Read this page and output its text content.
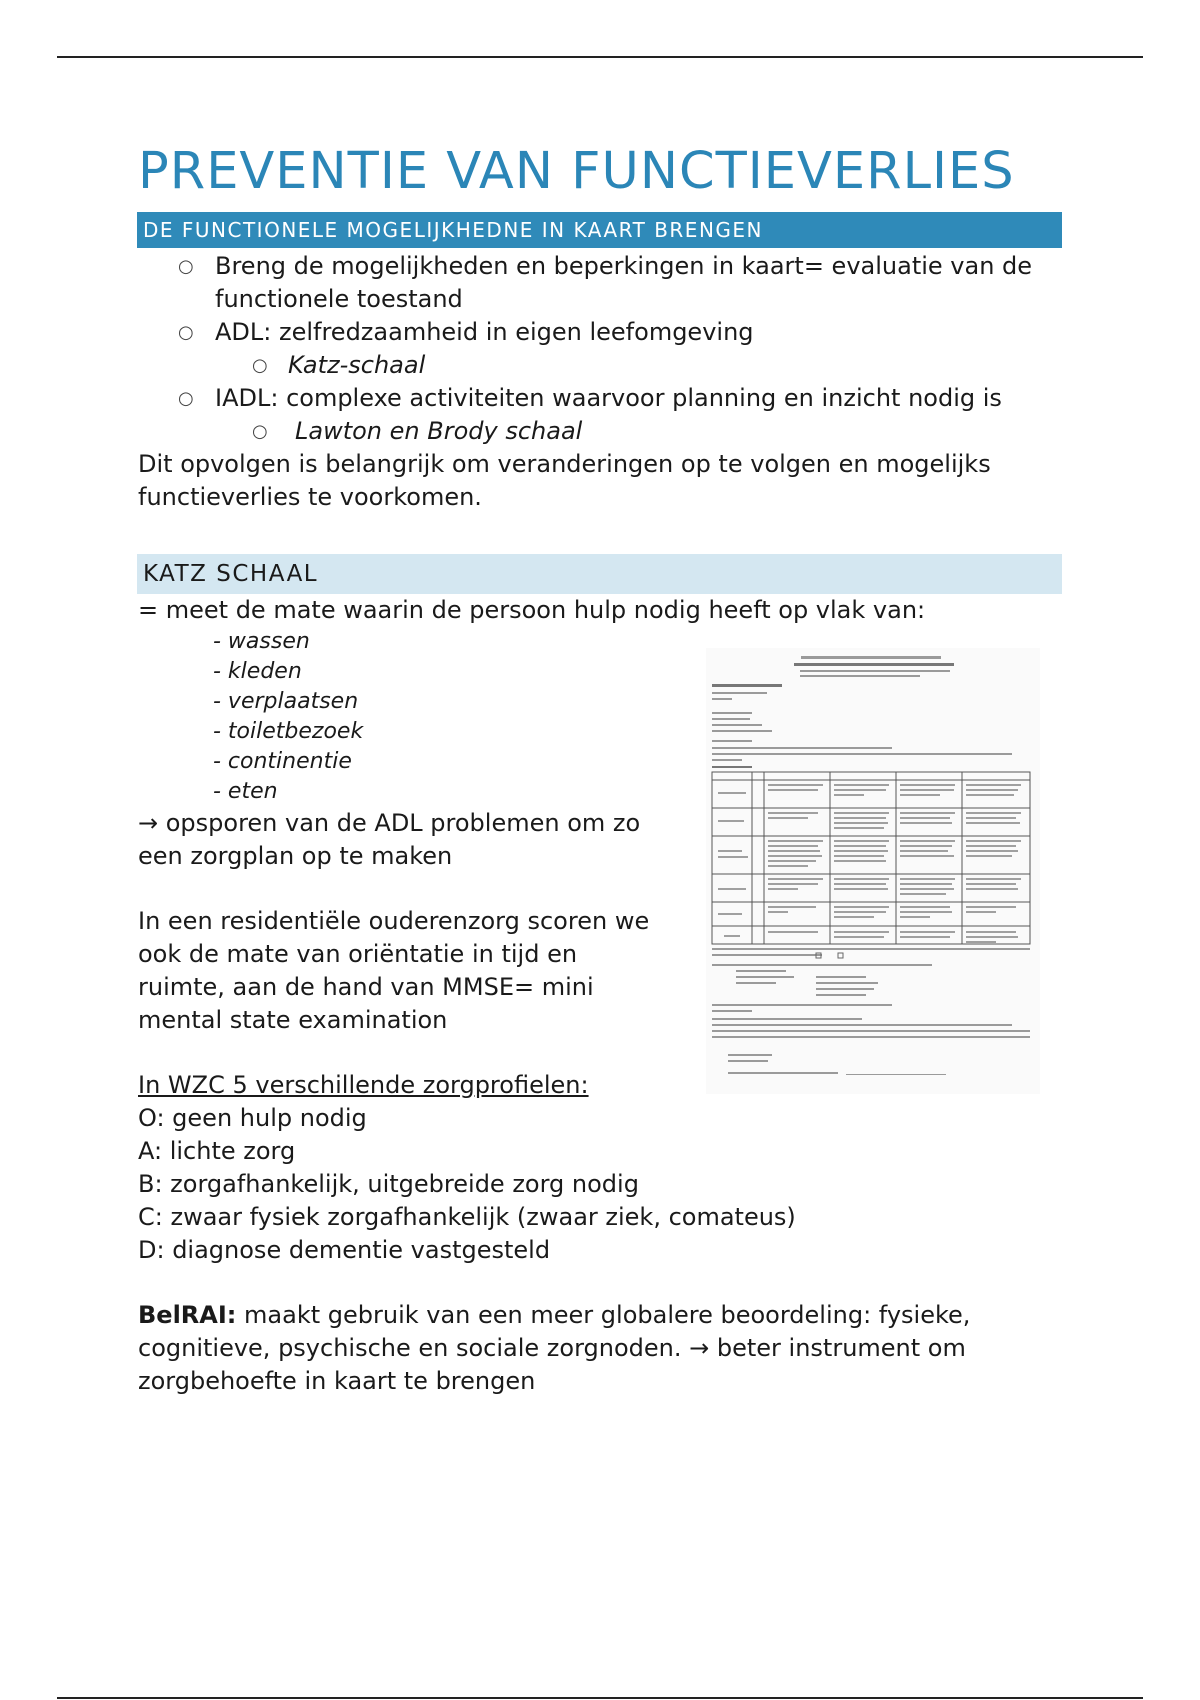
PREVENTIE VAN FUNCTIEVERLIES
DE FUNCTIONELE MOGELIJKHEDNE IN KAART BRENGEN
○ Breng de mogelijkheden en beperkingen in kaart= evaluatie van de
functionele toestand
○ ADL: zelfredzaamheid in eigen leefomgeving
○ Katz-schaal
○ IADL: complexe activiteiten waarvoor planning en inzicht nodig is
○ Lawton en Brody schaal
Dit opvolgen is belangrijk om veranderingen op te volgen en mogelijks
functieverlies te voorkomen.
KATZ SCHAAL
= meet de mate waarin de persoon hulp nodig heeft op vlak van:
- wassen
- kleden
- verplaatsen
- toiletbezoek
- continentie
- eten
→ opsporen van de ADL problemen om zo
een zorgplan op te maken
In een residentiële ouderenzorg scoren we
ook de mate van oriëntatie in tijd en
ruimte, aan de hand van MMSE= mini
mental state examination
In WZC 5 verschillende zorgprofielen:
O: geen hulp nodig
A: lichte zorg
B: zorgafhankelijk, uitgebreide zorg nodig
C: zwaar fysiek zorgafhankelijk (zwaar ziek, comateus)
D: diagnose dementie vastgesteld
BelRAI: maakt gebruik van een meer globalere beoordeling: fysieke,
cognitieve, psychische en sociale zorgnoden. → beter instrument om
zorgbehoefte in kaart te brengen
